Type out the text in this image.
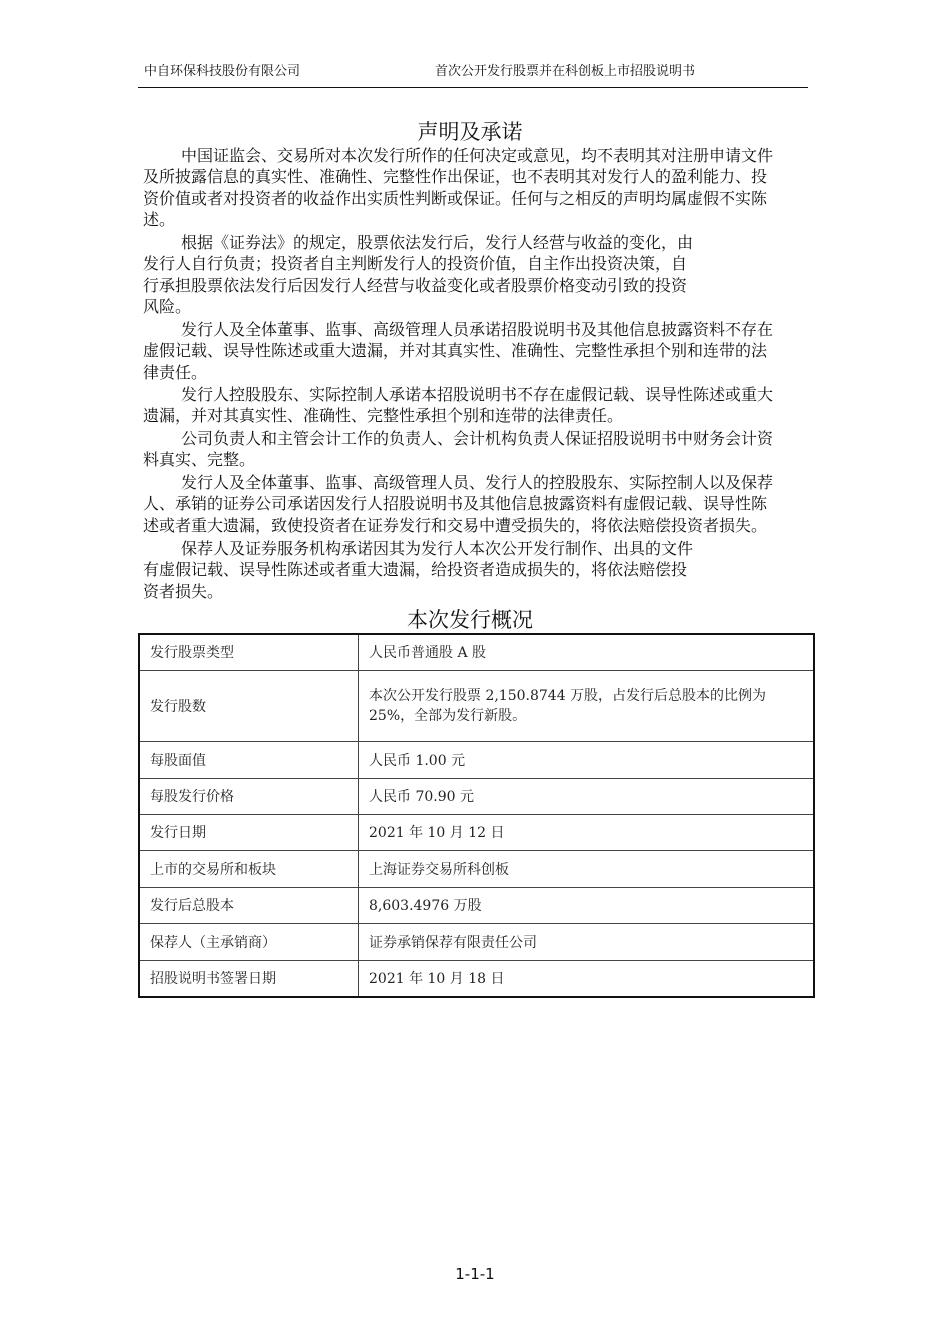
中自环保科技股份有限公司	首次公开发行股票并在科创板上市招股说明书
声明及承诺

中国证监会、交易所对本次发行所作的任何决定或意见，均不表明其对注册申请文件
及所披露信息的真实性、准确性、完整性作出保证，也不表明其对发行人的盈利能力、投
资价值或者对投资者的收益作出实质性判断或保证。任何与之相反的声明均属虚假不实陈
述。

根据《证券法》的规定，股票依法发行后，发行人经营与收益的变化，由
发行人自行负责；投资者自主判断发行人的投资价值，自主作出投资决策，自
行承担股票依法发行后因发行人经营与收益变化或者股票价格变动引致的投资
风险。

发行人及全体董事、监事、高级管理人员承诺招股说明书及其他信息披露资料不存在
虚假记载、误导性陈述或重大遗漏，并对其真实性、准确性、完整性承担个别和连带的法
律责任。

发行人控股股东、实际控制人承诺本招股说明书不存在虚假记载、误导性陈述或重大
遗漏，并对其真实性、准确性、完整性承担个别和连带的法律责任。

公司负责人和主管会计工作的负责人、会计机构负责人保证招股说明书中财务会计资
料真实、完整。

发行人及全体董事、监事、高级管理人员、发行人的控股股东、实际控制人以及保荐
人、承销的证券公司承诺因发行人招股说明书及其他信息披露资料有虚假记载、误导性陈
述或者重大遗漏，致使投资者在证券发行和交易中遭受损失的，将依法赔偿投资者损失。

保荐人及证券服务机构承诺因其为发行人本次公开发行制作、出具的文件
有虚假记载、误导性陈述或者重大遗漏，给投资者造成损失的，将依法赔偿投
资者损失。

本次发行概况
发行股票类型	人民币普通股 A 股
发行股数	本次公开发行股票 2,150.8744 万股，占发行后总股本的比例为 25%，全部为发行新股。
每股面值	人民币 1.00 元
每股发行价格	人民币 70.90 元
发行日期	2021 年 10 月 12 日
上市的交易所和板块	上海证券交易所科创板
发行后总股本	8,603.4976 万股
保荐人（主承销商）	证券承销保荐有限责任公司
招股说明书签署日期	2021 年 10 月 18 日
1-1-1
